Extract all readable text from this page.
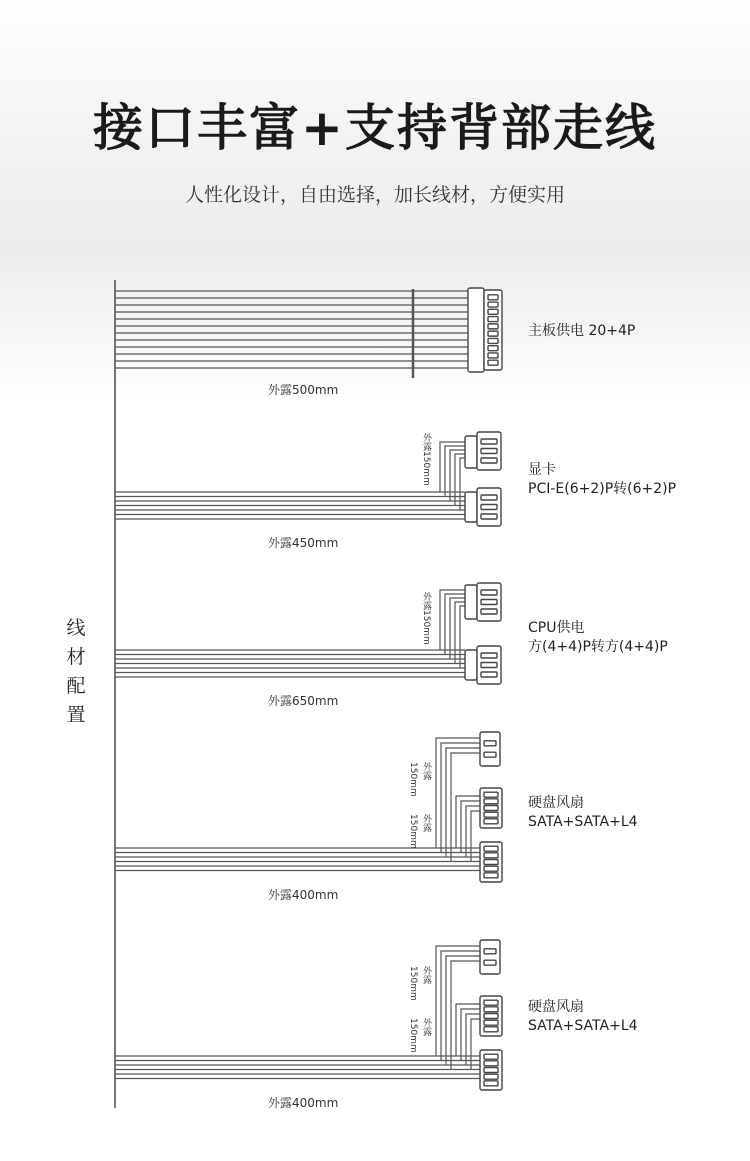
接口丰富+支持背部走线
人性化设计，自由选择，加长线材，方便实用
线
材
配
置
主板供电 20+4P
外露500mm
显卡
PCI-E(6+2)P转(6+2)P
外露450mm
外露150mm
CPU供电
方(4+4)P转方(4+4)P
外露650mm
外露150mm
硬盘风扇
SATA+SATA+L4
外露400mm
外露
150mm
外露
150mm
硬盘风扇
SATA+SATA+L4
外露400mm
外露
150mm
外露
150mm
